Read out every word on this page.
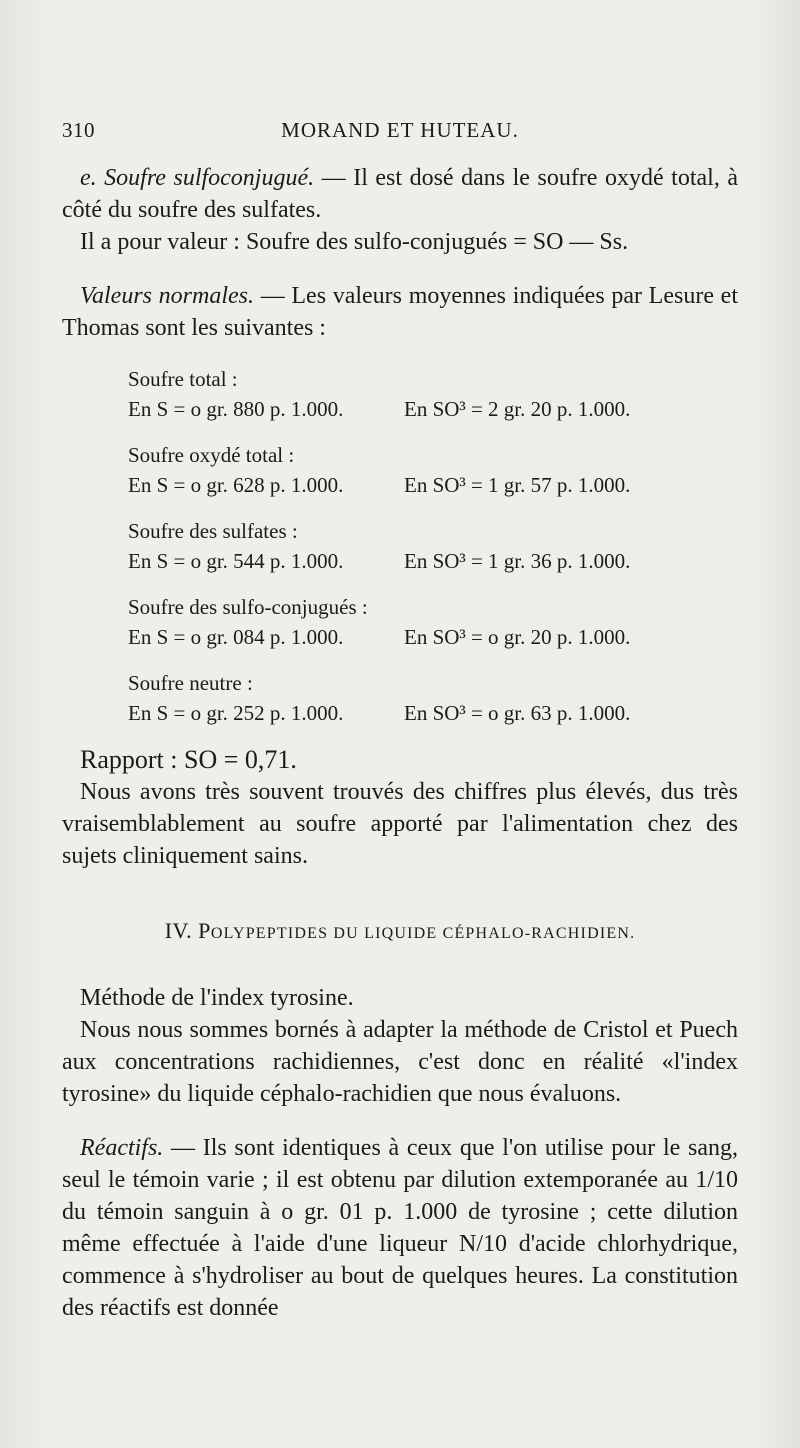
310	MORAND ET HUTEAU.

e. Soufre sulfoconjugué. — Il est dosé dans le soufre oxydé total, à côté du soufre des sulfates.

Il a pour valeur : Soufre des sulfo-conjugués = SO — Ss.

Valeurs normales. — Les valeurs moyennes indiquées par Lesure et Thomas sont les suivantes :

Soufre total :
En S = o gr. 880 p. 1.000.	En SO³ = 2 gr. 20 p. 1.000.
Soufre oxydé total :
En S = o gr. 628 p. 1.000.	En SO³ = 1 gr. 57 p. 1.000.
Soufre des sulfates :
En S = o gr. 544 p. 1.000.	En SO³ = 1 gr. 36 p. 1.000.
Soufre des sulfo-conjugués :
En S = o gr. 084 p. 1.000.	En SO³ = o gr. 20 p. 1.000.
Soufre neutre :
En S = o gr. 252 p. 1.000.	En SO³ = o gr. 63 p. 1.000.

Rapport : SO = 0,71.

Nous avons très souvent trouvés des chiffres plus élevés, dus très vraisemblablement au soufre apporté par l'alimentation chez des sujets cliniquement sains.

IV. POLYPEPTIDES DU LIQUIDE CÉPHALO-RACHIDIEN.

Méthode de l'index tyrosine.

Nous nous sommes bornés à adapter la méthode de Cristol et Puech aux concentrations rachidiennes, c'est donc en réalité «l'index tyrosine» du liquide céphalo-rachidien que nous évaluons.

Réactifs. — Ils sont identiques à ceux que l'on utilise pour le sang, seul le témoin varie ; il est obtenu par dilution extemporanée au 1/10 du témoin sanguin à o gr. 01 p. 1.000 de tyrosine ; cette dilution même effectuée à l'aide d'une liqueur N/10 d'acide chlorhydrique, commence à s'hydroliser au bout de quelques heures. La constitution des réactifs est donnée
